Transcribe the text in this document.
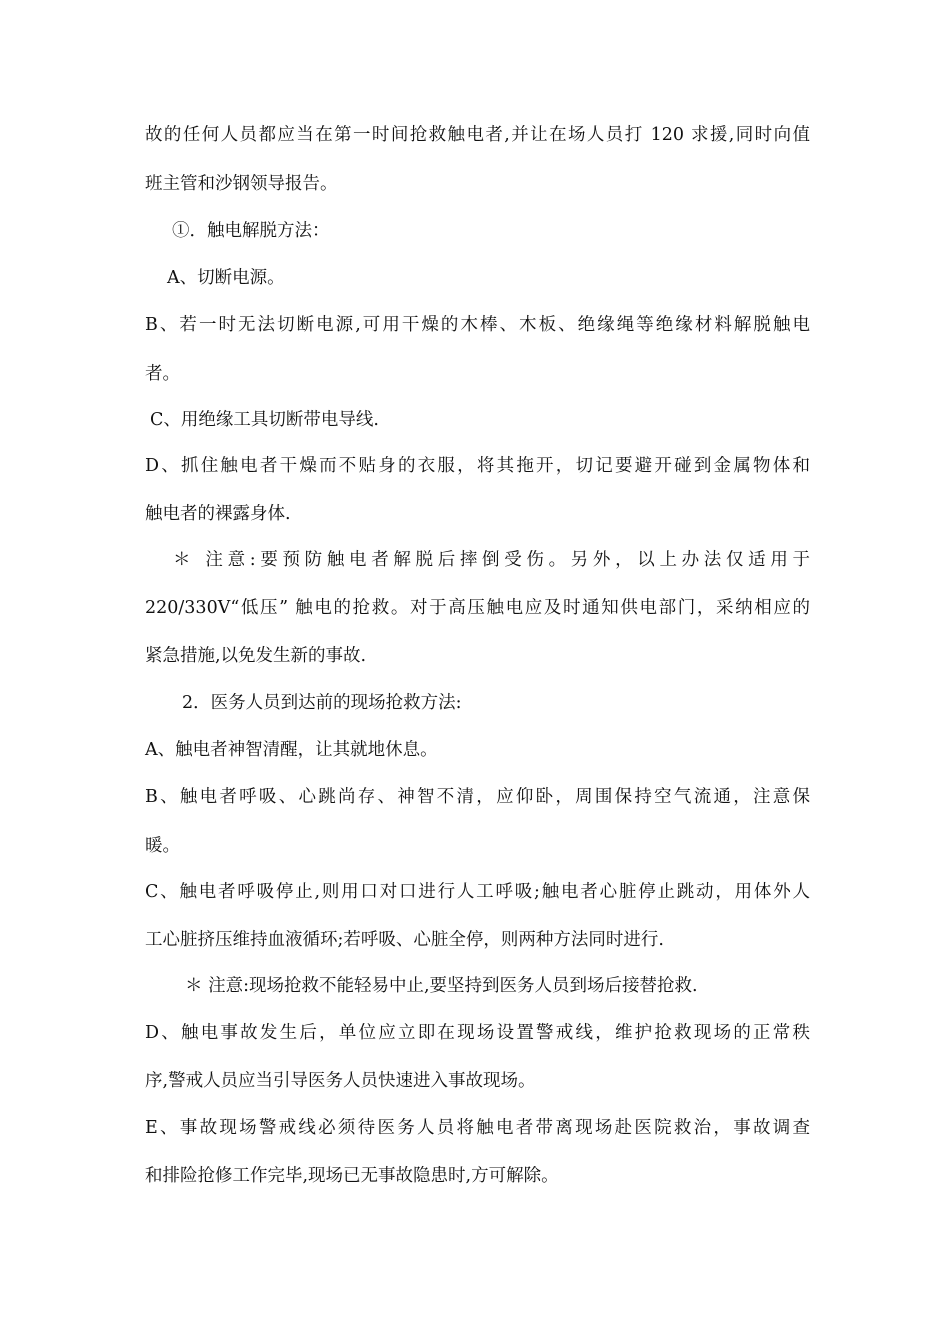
故的任何人员都应当在第一时间抢救触电者,并让在场人员打 120 求援,同时向值
班主管和沙钢领导报告。
①．触电解脱方法：
A、切断电源。
B、若一时无法切断电源,可用干燥的木棒、木板、绝缘绳等绝缘材料解脱触电
者。
C、用绝缘工具切断带电导线.
D、抓住触电者干燥而不贴身的衣服，将其拖开，切记要避开碰到金属物体和
触电者的裸露身体.
＊ 注意:要预防触电者解脱后摔倒受伤。另外，以上办法仅适用于
220/330V“低压” 触电的抢救。对于高压触电应及时通知供电部门，采纳相应的
紧急措施,以免发生新的事故.
2．医务人员到达前的现场抢救方法:
A、触电者神智清醒，让其就地休息。
B、触电者呼吸、心跳尚存、神智不清，应仰卧，周围保持空气流通，注意保
暖。
C、触电者呼吸停止,则用口对口进行人工呼吸;触电者心脏停止跳动，用体外人
工心脏挤压维持血液循环;若呼吸、心脏全停，则两种方法同时进行.
＊ 注意:现场抢救不能轻易中止,要坚持到医务人员到场后接替抢救.
D、触电事故发生后，单位应立即在现场设置警戒线，维护抢救现场的正常秩
序,警戒人员应当引导医务人员快速进入事故现场。
E、事故现场警戒线必须待医务人员将触电者带离现场赴医院救治，事故调查
和排险抢修工作完毕,现场已无事故隐患时,方可解除。
